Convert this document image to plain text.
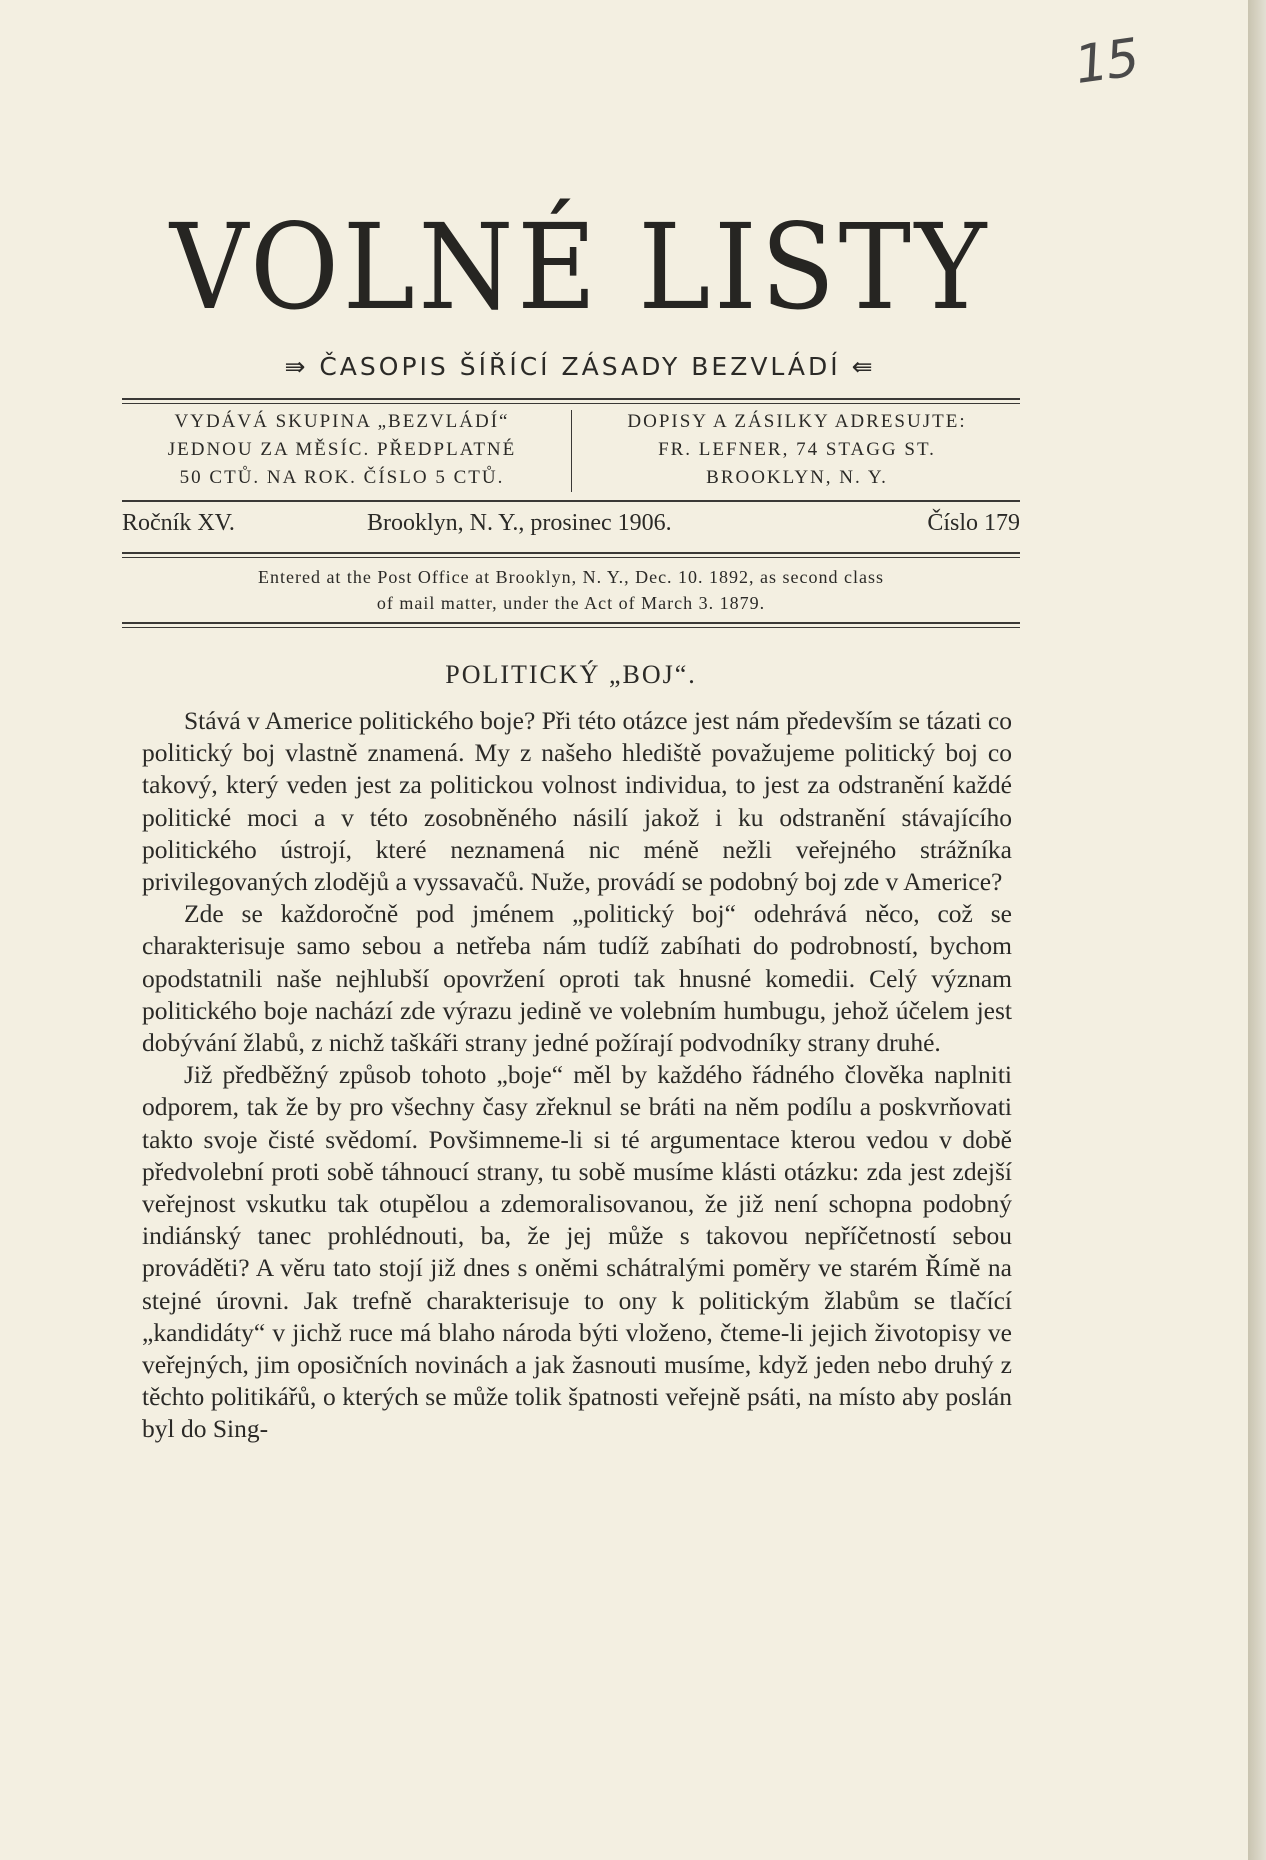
15
VOLNÉ LISTY
⇛ ČASOPIS ŠÍŘÍCÍ ZÁSADY BEZVLÁDÍ ⇚
VYDÁVÁ SKUPINA „BEZVLÁDÍ“
JEDNOU ZA MĚSÍC. PŘEDPLATNÉ
50 CTŮ. NA ROK. ČÍSLO 5 CTŮ.
DOPISY A ZÁSILKY ADRESUJTE:
FR. LEFNER, 74 STAGG ST.
BROOKLYN, N. Y.
Ročník XV.	Brooklyn, N. Y., prosinec 1906.	Číslo 179
Entered at the Post Office at Brooklyn, N. Y., Dec. 10. 1892, as second class
of mail matter, under the Act of March 3. 1879.
POLITICKÝ „BOJ“.

Stává v Americe politického boje? Při této otázce jest nám především se tázati co politický boj vlastně znamená. My z našeho hlediště považujeme politický boj co takový, který veden jest za politickou volnost individua, to jest za odstranění každé politické moci a v této zosobněného násilí jakož i ku odstranění stávajícího politického ústrojí, které neznamená nic méně nežli veřejného strážníka privilegovaných zlodějů a vyssavačů. Nuže, provádí se podobný boj zde v Americe?

Zde se každoročně pod jménem „politický boj“ odehrává něco, což se charakterisuje samo sebou a netřeba nám tudíž zabíhati do podrobností, bychom opodstatnili naše nejhlubší opovržení oproti tak hnusné komedii. Celý význam politického boje nachází zde výrazu jedině ve volebním humbugu, jehož účelem jest dobývání žlabů, z nichž taškáři strany jedné požírají podvodníky strany druhé.

Již předběžný způsob tohoto „boje“ měl by každého řádného člověka naplniti odporem, tak že by pro všechny časy zřeknul se bráti na něm podílu a poskvrňovati takto svoje čisté svědomí. Povšimneme-li si té argumentace kterou vedou v době předvolební proti sobě táhnoucí strany, tu sobě musíme klásti otázku: zda jest zdejší veřejnost vskutku tak otupělou a zdemoralisovanou, že již není schopna podobný indiánský tanec prohlédnouti, ba, že jej může s takovou nepříčetností sebou prováděti? A věru tato stojí již dnes s oněmi schátralými poměry ve starém Římě na stejné úrovni. Jak trefně charakterisuje to ony k politickým žlabům se tlačící „kandidáty“ v jichž ruce má blaho národa býti vloženo, čteme-li jejich životopisy ve veřejných, jim oposičních novinách a jak žasnouti musíme, když jeden nebo druhý z těchto politikářů, o kterých se může tolik špatnosti veřejně psáti, na místo aby poslán byl do Sing-
